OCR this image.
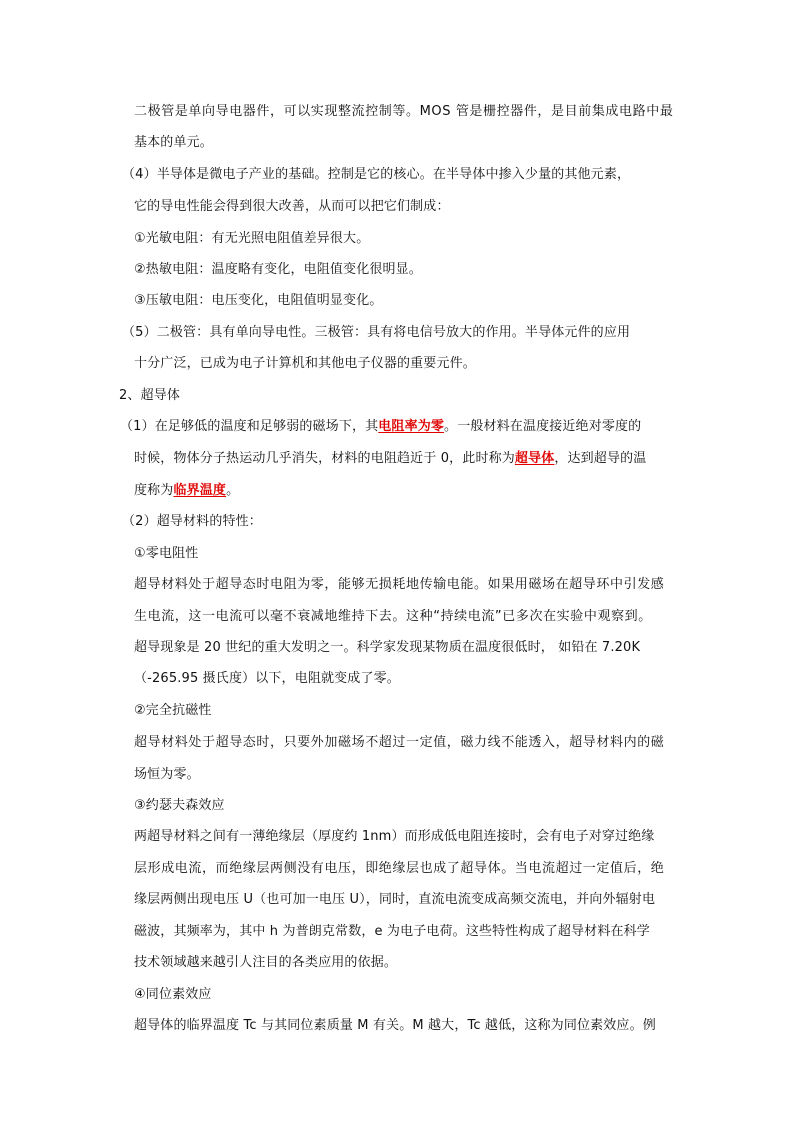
二极管是单向导电器件，可以实现整流控制等。MOS 管是栅控器件，是目前集成电路中最
基本的单元。
（4）半导体是微电子产业的基础。控制是它的核心。在半导体中掺入少量的其他元素，
它的导电性能会得到很大改善，从而可以把它们制成：
①光敏电阻：有无光照电阻值差异很大。
②热敏电阻：温度略有变化，电阻值变化很明显。
③压敏电阻：电压变化，电阻值明显变化。
（5）二极管：具有单向导电性。三极管：具有将电信号放大的作用。半导体元件的应用
十分广泛，已成为电子计算机和其他电子仪器的重要元件。
2、超导体
（1）在足够低的温度和足够弱的磁场下，其电阻率为零。一般材料在温度接近绝对零度的
时候，物体分子热运动几乎消失，材料的电阻趋近于 0，此时称为超导体，达到超导的温
度称为临界温度。
（2）超导材料的特性：
①零电阻性
超导材料处于超导态时电阻为零，能够无损耗地传输电能。如果用磁场在超导环中引发感
生电流，这一电流可以毫不衰减地维持下去。这种“持续电流”已多次在实验中观察到。
超导现象是 20 世纪的重大发明之一。科学家发现某物质在温度很低时， 如铅在 7.20K
（-265.95 摄氏度）以下，电阻就变成了零。
②完全抗磁性
超导材料处于超导态时，只要外加磁场不超过一定值，磁力线不能透入，超导材料内的磁
场恒为零。
③约瑟夫森效应
两超导材料之间有一薄绝缘层（厚度约 1nm）而形成低电阻连接时，会有电子对穿过绝缘
层形成电流，而绝缘层两侧没有电压，即绝缘层也成了超导体。当电流超过一定值后，绝
缘层两侧出现电压 U（也可加一电压 U），同时，直流电流变成高频交流电，并向外辐射电
磁波，其频率为，其中 h 为普朗克常数，e 为电子电荷。这些特性构成了超导材料在科学
技术领域越来越引人注目的各类应用的依据。
④同位素效应
超导体的临界温度 Tc 与其同位素质量 M 有关。M 越大，Tc 越低，这称为同位素效应。例
